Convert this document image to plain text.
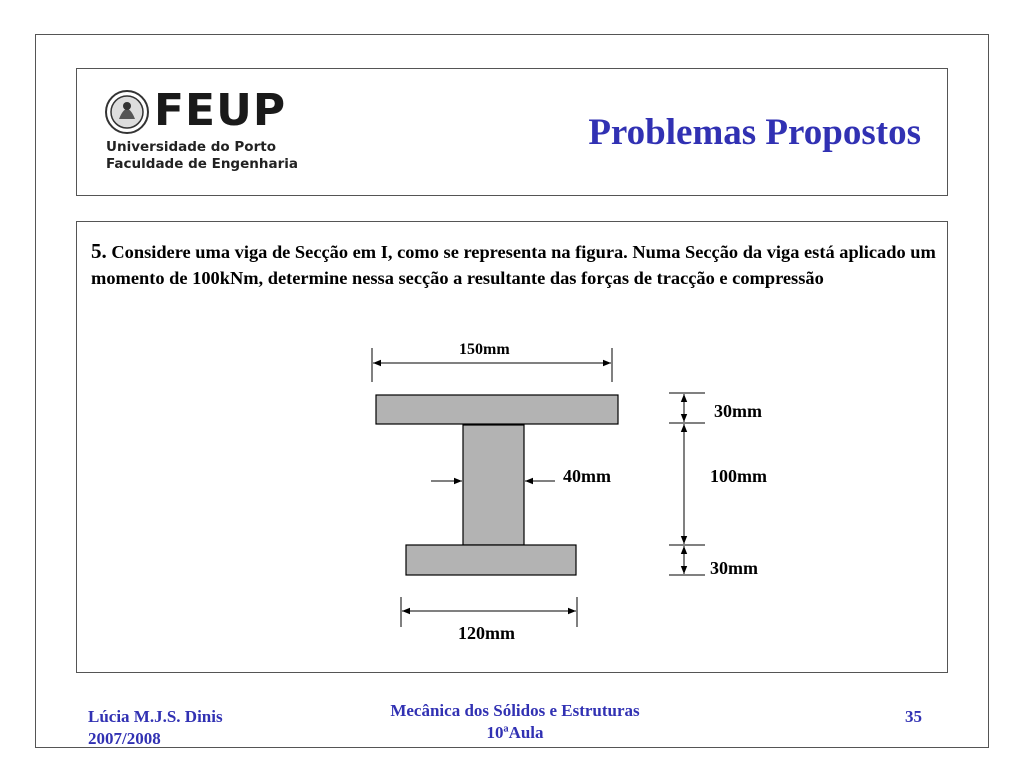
FEUP
Universidade do Porto
Faculdade de Engenharia
Problemas Propostos
5. Considere uma viga de Secção em I, como se representa na figura. Numa Secção da viga está aplicado um momento de 100kNm, determine nessa secção a resultante das forças de tracção e compressão
150mm
30mm
100mm
30mm
40mm
120mm
Lúcia M.J.S. Dinis
2007/2008
Mecânica dos Sólidos e Estruturas
10ªAula
35
